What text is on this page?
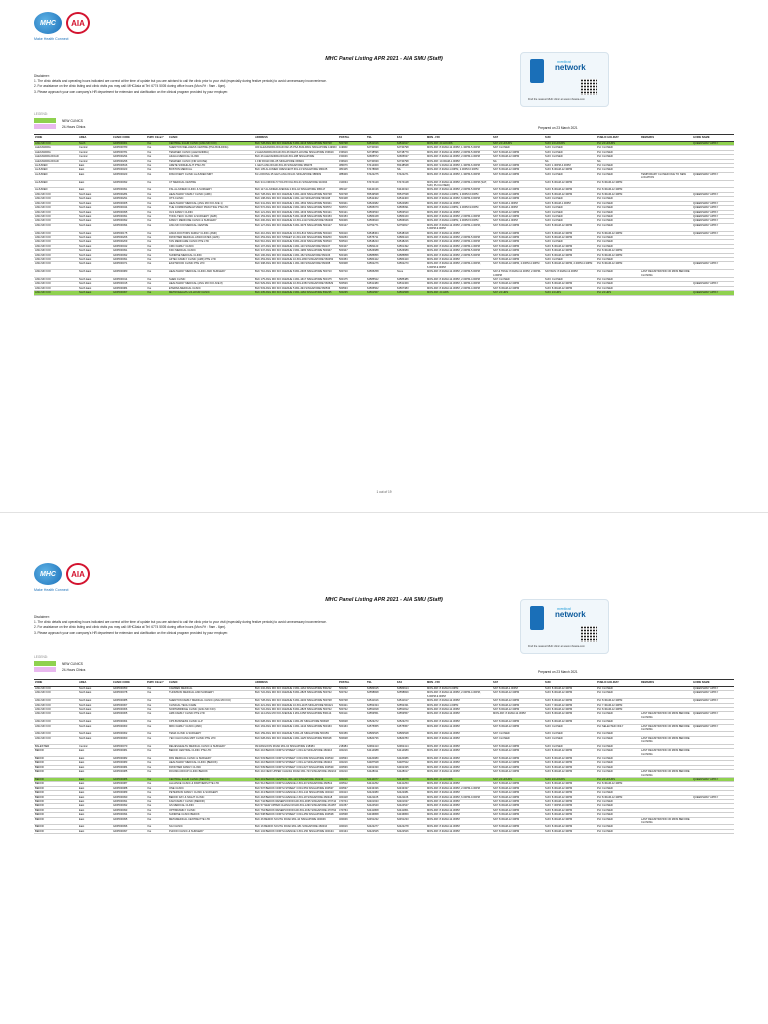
MHC	AIA
Make Health Connect
MHC Panel Listing APR 2021 - AIA SMU (Staff)
Disclaimer:
1. The clinic details and operating hours indicated are correct at the time of update but you are advised to call the clinic prior to your visit (especially during festive periods) to avoid unnecessary inconvenience.
2. For assistance on the clinic listing and clinic visits you may call: MHCAsia at Tel: 6774 5005 during office hours (Mon-Fri : 9am - 6pm).
3. Please approach your own company's HR department for extension and clarification on the clinical program provided by your employer.
medical
network
Find the nearest MHC clinic at www.mhcasia.com
LEGEND:
NEW CLINICS
24-Hours Clinics	Prepared on 23 March 2021
ZONE	AREA	CLINIC CODE	PHPC Clinic?	CLINIC	ADDRESS	POSTAL	TEL	FAX	MON - FRI	SAT	SUN	PUBLIC HOLIDAY	REMARKS	GUIDE NAME
ANG MO KIO	North	GDP000001	Yes	CENTRAL 24-HR CLINIC (ANG MO KIO)	BLK 728 ANG MO KIO AVENUE 6 #01-4216 SINGAPORE 560728	560728	64541616	64541617	MON-FRI: 24 HOURS	SAT: 24 HOURS	SUN: 24 HOURS	PH: 24 HOURS		QUEENSWAY APPLY
ALEXANDRA	Central	GDP000780	Yes	SHENTON WELLNESS CENTRE (PSA BUILDING)	460 ALEXANDRA ROAD #02-15 PSA BUILDING SINGAPORE 119963	119963	62730639	62730798	MON-FRI: 8.00AM-12.30PM, 1.30PM-5.30PM	SAT: CLOSED	SUN: CLOSED	PH: CLOSED		
ALEXANDRA	Central	GDP000781	Yes	TEMASEK CLINIC (ALEXANDRA)	2 ALEXANDRA ROAD #01-06 DELTA HOUSE SINGAPORE 159919	159919	62748596	62748779	MON-FRI: 8.30AM-12.30PM, 2.00PM-5.30PM	SAT: 8.30AM-12.30PM	SUN: CLOSED	PH: CLOSED		
ALEXANDRA ROAD	Central	GDP000294	Yes	AZALIA MEDICAL CLINIC	BLK 46 ALEXANDRA ROAD #01-188 SINGAPORE	150046	62665572	62665637	MON-FRI: 8.30AM-12.30PM, 2.00PM-4.30PM	SAT: 8.30AM-12.30PM	SUN: CLOSED	PH: CLOSED		
ALEXANDRA ROAD	Central	GDP000296	Yes	TEMASEK CLINIC (FIR HOUSE)	1 FIR ROAD #01-05 SINGAPORE 159919	159919	62730639	62730798	MON-FRI: 10.00AM-1.00PM	NA	NA	NA		
ALJUNIED	East	GDP000816	Yes	ARETE SIDDHILALIT PTE LTD	1 GEYLANG ROAD #01-06 SINGAPORE 389076	389076	67414009	65448548	MON-FRI: 9.00AM-12.30PM, 1.30PM-6.30PM	SAT: 9.00AM-12.30PM	SUN: 1.30PM-4.30PM	PH: CLOSED		
ALJUNIED	East	GDP000023	Yes	BOSTON MEDICAL	BLK 105 ALJUNIED CRESCENT #01-13 SINGAPORE 380105	380105	67478828	NIL	MON-FRI: 8.30AM-1.00PM, 2.00PM-6.30PM	SAT: 8.30AM-12.30PM	SUN: 8.30AM-12.30PM	PH: CLOSED		
ALJUNIED	East	GDP000023	Yes	DISCOVERY CLINIC ALJUNIED MRT	81 LORONG 25 GEYLANG #01-01 SINGAPORE 388309	388309	67422275	67422271	MON-FRI: 8.30AM-12.30PM, 1.30PM-6.30PM	SAT: 8.30AM-12.30PM	SUN: CLOSED	PH: CLOSED	TEMPORARY CLOSED DUE TO NEW LOCATION	QUEENSWAY APPLY
ALJUNIED	East	GDP000092	Yes	CT MEDICAL CENTRE	BLK 34 LORONG 5 TOA PAYOH #01-01 SINGAPORE 310034	310034	67474129	67474128	MON-FRI: 8.30AM-12.30PM, 2.00PM-4.30PM (SAT, SUN, PH CLOSED)	SAT: 8.30AM-12.30PM	SUN: 8.30AM-12.30PM	PH: 8.30AM-12.30PM		
ALJUNIED	East	GDP000091	Yes	FSL ALJUNIED CLINIC & SURGERY	BLK 117 ALJUNIED AVENUE 2 #01-42 SINGAPORE 380117	380117	63440136	63440193	MON-FRI: 8.30AM-12.30PM, 2.00PM-5.00PM	SAT: 8.30AM-12.30PM	SUN: 8.30AM-12.30PM	PH: 8.30AM-12.30PM		
ANG MO KIO	North East	GDP000284	Yes	HEALTHWAY FAMILY CLINIC (AMK)	BLK 728 ANG MO KIO AVENUE 6 #01-4200 SINGAPORE 560728	560728	65549538	65547538	MON-FRI: 8.00AM-1.00PM, 2.00PM-6.00PM	SAT: 8.30AM-12.30PM	SUN: 8.30AM-12.30PM	PH: 8.30AM-12.30PM		QUEENSWAY APPLY
ANG MO KIO	North East	GDP000291	Yes	OTS CLINIC	BLK 108 ANG MO KIO AVENUE 4 #01-113 SINGAPORE 560108	560108	64542402	64542400	MON-FRI: 8.30AM-12.30PM, 6.00PM-9.00PM	SAT: 8.30AM-12.30PM	SUN: CLOSED	PH: CLOSED		
ANG MO KIO	North East	GDP000005	Yes	HEALTHWAY MEDICAL (ANG MO KIO AVE 1)	BLK 341 ANG MO KIO AVENUE 1 #01-1592 SINGAPORE 560341	560341	64524682	64524680	MON-FRI: 8.00AM-12.30PM	SAT: 8.30AM-1.00PM	SUN: 8.30AM-1.00PM	PH: CLOSED		QUEENSWAY APPLY
ANG MO KIO	North East	GDP000044	Yes	THE COMMONWEALTHWAY PRACTICE PTE LTD	BLK 572 ANG MO KIO AVENUE 3 #01-3361 SINGAPORE 560572	560572	64565079	64565091	MON-FRI: 8.30AM-1.00PM, 2.00PM-9.00PM	SAT: 8.30AM-1.00PM	SUN: CLOSED	PH: CLOSED		QUEENSWAY APPLY
ANG MO KIO	North East	GDP000095	Yes	OLS FAMILY CLINIC	BLK 121 ANG MO KIO AVENUE 3 #01-1633 SINGAPORE 560121	560121	64563533	64563510	MON-FRI: 8.30AM-12.30PM	SAT: 8.30AM-12.30PM	SUN: CLOSED	PH: CLOSED		QUEENSWAY APPLY
ANG MO KIO	North East	GDP000091	Yes	TONG TECK CLINIC & SURGERY (AMK)	BLK 153 ANG MO KIO AVENUE 5 #01-3048 SINGAPORE 560153	560153	64584168	64584160	MON-FRI: 8.30AM-12.30PM, 2.00PM-4.30PM	SAT: 8.30AM-12.30PM	SUN: CLOSED	PH: CLOSED		QUEENSWAY APPLY
ANG MO KIO	North East	GDP000092	Yes	FAMILY MEDICINE CLINIC & SURGERY	BLK 406 ANG MO KIO AVENUE 10 #01-1413 SINGAPORE 560406	560406	64566620	64566626	MON-FRI: 8.00AM-1.00PM, 2.00PM-5.00PM	SAT: 8.00AM-1.00PM	SUN: CLOSED	PH: CLOSED		QUEENSWAY APPLY
ANG MO KIO	North East	GDP000094	Yes	ANG MO KIO MEDICAL CENTRE	BLK 127 ANG MO KIO AVENUE 6 #01-3076 SINGAPORE 560127	560127	62752771	62752817	MON-FRI: 8.00AM-12.30PM, 2.00PM-4.30PM, 6.00PM-9.00PM	SAT: 8.00AM-12.30PM	SUN: 8.30AM-12.30PM	PH: CLOSED		QUEENSWAY APPLY
ANG MO KIO	North East	GDP000175	Yes	ANGS DOCTORS FAMILY CLINIC (AMK)	BLK 410 ANG MO KIO AVENUE 10 #01-810 SINGAPORE 560410	560410	64548364	64548318	MON-FRI: 8.30AM-12.30PM	SAT: 8.30AM-12.30PM	SUN: 8.30AM-12.30PM	PH: 8.30AM-12.30PM		QUEENSWAY APPLY
ANG MO KIO	North East	GDP000266	Yes	FRONTIER MEDICAL ASSOCIATES (AMK)	BLK 253 ANG MO KIO STREET 21 #01-330 SINGAPORE 560253	560253	64575711	64584419	MON-FRI: 8.30AM-12.30PM, 2.00PM-5.00PM	SAT: 8.30AM-12.30PM	SUN: 8.30AM-12.30PM	PH: CLOSED		
ANG MO KIO	North East	GDP000269	Yes	TAN MEDICARE CLINIC PTE LTD	BLK 510 ANG MO KIO AVENUE 8 #01-2040 SINGAPORE 560510	560510	64548223	64548226	MON-FRI: 8.30AM-12.30PM, 2.00PM-4.30PM	SAT: 8.30AM-12.30PM	SUN: CLOSED	PH: CLOSED		
ANG MO KIO	North East	GDP000042	Yes	CMC FAMILY CLINIC	BLK 107 ANG MO KIO AVENUE 4 #01-120 SINGAPORE 560107	560107	64581123	64561492	MON-FRI: 8.00AM-12.30PM, 2.00PM-4.30PM	SAT: 8.30AM-12.30PM	SUN: 8.30AM-12.30PM	PH: CLOSED		
ANG MO KIO	North East	GDP000091	Yes	KDC MEDICAL CLINIC	BLK 347 ANG MO KIO AVENUE 3 #01-1980 SINGAPORE 560347	560347	64526688	64526689	MON-FRI: 8.00AM-12.30PM, 2.00PM-5.00PM	SAT: 8.30AM-12.30PM	SUN: 8.30AM-12.30PM	PH: 8.30AM-12.30PM		
ANG MO KIO	North East	GDP000092	Yes	SUNRISE MEDICAL CLINIC	BLK 106 ANG MO KIO AVENUE 4 #01-152 SINGAPORE 560106	560106	64585856	64585858	MON-FRI: 8.30AM-12.30PM, 2.00PM-5.00PM	SAT: 8.30AM-12.30PM	SUN: 8.30AM-12.30PM	PH: 8.30AM-12.30PM		
ANG MO KIO	North East	GDP000091	Yes	AZTEC FAMILY CLINIC (AMK) PTE LTD	BLK 453 ANG MO KIO AVENUE 10 #01-1803 SINGAPORE 560453	560453	64584422	64584420	MON-FRI: 8.30AM-12.30PM	SAT: 8.30AM-12.30PM	SUN: CLOSED	PH: CLOSED		
ANG MO KIO	North East	GDP000071	Yes	EASTWOOD CLINIC PTE LTD	BLK 308 ANG MO KIO AVENUE 1 #01-330 SINGAPORE 560308	560308	64562276	64562270	MON-FRI: 8.30AM-12.30PM, 2.00PM-4.30PM, 6.00PM-9.00PM	SAT: 8.30AM-12.30PM, 2.00PM-4.30PM	SUN: 8.30AM-12.30PM, 2.00PM-4.30PM	PH: 8.30AM-12.30PM		QUEENSWAY APPLY
ANG MO KIO	North East	GDP000080	Yes	HEALTHWAY MEDICAL CLINIC AND SURGERY	BLK 710 ANG MO KIO AVENUE 8 #01-2605 SINGAPORE 560710	560710	64565258	None	MON-FRI: 8.00AM-12.30PM, 2.00PM-5.00PM	SAT & TRUE: 8.00AM-12.30PM, 2.00PM-4.00PM	SAT/SUN: 8.30AM-12.30PM	PH: CLOSED	LAST REGISTRATION 30 MINS BEFORE CLOSING	
ANG MO KIO	North East	GDP000014	Yes	SHEN CLINIC	BLK 175 ANG MO KIO AVENUE 4 #01-1617 SINGAPORE 560175	560175	64585522	64585486	MON-FRI: 8.30AM-12.30PM, 2.00PM-4.00PM	SAT: CLOSED	SUN: CLOSED	PH: CLOSED		
ANG MO KIO	North East	GDP000015	Yes	HEALTHWAY MEDICAL (ANG MO KIO AVE 8)	BLK 529 ANG MO KIO AVENUE 10 #01-2353 SINGAPORE 560529	560529	64531380	64531369	MON-FRI: 8.00AM-12.30PM, 1.30PM-4.30PM	SAT: 8.30AM-12.30PM	SUN: 8.30AM-12.30PM	PH: CLOSED		QUEENSWAY APPLY
ANG MO KIO	North East	GDP000084	Yes	ETERNA MEDICAL CLINIC	BLK 533 ANG MO KIO AVENUE 5 #01-494 SINGAPORE 560533	560533	64565562	64567383	MON-FRI: 8.30AM-12.30PM, 2.00PM-4.30PM	SAT: 8.30AM-12.30PM	SUN: 8.30AM-12.30PM	PH: CLOSED		
ANG MO KIO	North East	GDP000067	Yes	METROHEALTH 24-HOUR CLINIC	BLK 235 ANG MO KIO AVENUE 3 #01-1184 SINGAPORE 560235	560235	64561567	64561568	MON-FRI: 24 HRS	SAT: 24 HRS	SUN: 24 HRS	PH: 24 HRS		QUEENSWAY APPLY
1 out of 19
MHC	AIA
Make Health Connect
MHC Panel Listing APR 2021 - AIA SMU (Staff)
Disclaimer:
1. The clinic details and operating hours indicated are correct at the time of update but you are advised to call the clinic prior to your visit (especially during festive periods) to avoid unnecessary inconvenience.
2. For assistance on the clinic listing and clinic visits you may call: MHCAsia at Tel: 6774 5005 during office hours (Mon-Fri : 9am - 6pm).
3. Please approach your own company's HR department for extension and clarification on the clinical program provided by your employer.
medical
network
Find the nearest MHC clinic at www.mhcasia.com
LEGEND:
NEW CLINICS
24-Hours Clinics
Prepared on 23 March 2021
ZONE	AREA	CLINIC CODE	PHPC Clinic?	CLINIC	ADDRESS	POSTAL	TEL	FAX	MON - FRI	SAT	SUN	PUBLIC HOLIDAY	REMARKS	GUIDE NAME
ANG MO KIO	North East	GDP000050	Yes	CAMDEN MEDICAL	BLK 232 ANG MO KIO AVENUE 3 #01-1164 SINGAPORE 560232	560232	64584615	64584614	MON-FRI: 8.30AM-5.00PM	SAT: 8.30AM-1.00PM	SUN: 8.30AM-12.30PM	PH: CLOSED		QUEENSWAY APPLY
ANG MO KIO	North East	GDP000078	Yes	THOMSON MEDICAL AND SURGERY	BLK 722 ANG MO KIO AVENUE 8 #01-2825 SINGAPORE 560722	560722	62558828	62558829	MON-FRI: 8.30AM-12.30PM, 2.00PM-4.30PM, 6.00PM-9.00PM	SAT: 8.30AM-12.30PM	SUN: 8.30AM-12.30PM	PH: CLOSED		QUEENSWAY APPLY
ANG MO KIO	North East	GDP000085	Yes	SHENTON FAMILY MEDICAL CLINIC (ANG MO KIO)	BLK 728 ANG MO KIO AVENUE 6 #01-4200 SINGAPORE 560728	560728	64541616	64541617	MON-FRI: 8.00AM-12.30PM	SAT: 8.30AM-12.30PM	SUN: 8.30AM-12.30PM	PH: 8.30AM-12.30PM		QUEENSWAY APPLY
ANG MO KIO	North East	GDP000067	Yes	CLINICAL TECH CARE	BLK 421 ANG MO KIO AVENUE 10 #01-1165 SINGAPORE 560421	560421	62552334	62552331	MON-FRI: 8.30AM-1.00PM	SAT: 8.30AM-12.30PM	SUN: 7.30AM-12.30PM	PH: 7.30AM-12.30PM		
ANG MO KIO	North East	GDP000066	Yes	NORTHBRIDGE CLINIC (ANG MO KIO)	BLK 722 ANG MO KIO AVENUE 8 #01-2825 SINGAPORE 560722	560722	64551818	64551812	MON-FRI: 8.00AM-12.30PM	SAT: 8.00AM-12.30PM	SUN: 8.30AM-12.30PM	PH: 8.30AM-12.30PM		
ANG MO KIO	North East	GDP000065	Yes	AMK FAMILY CLINIC PTE LTD	BLK 114 ANG MO KIO AVENUE 4 #01-1058 SINGAPORE 560114	560114	64553551	64553557	MON-FRI: 8.30AM-12.30PM	MON-FRI: 8.30AM-12.30PM	SUN: 8.30AM-12.30PM	PH: CLOSED	LAST REGISTRATION 30 MINS BEFORE CLOSING	QUEENSWAY APPLY
ANG MO KIO	North East	GDP000064	Yes	CPS BUSINESS CLINIC LLP	BLK 628 ANG MO KIO AVENUE 4 #01-80 SINGAPORE 560628	560628	62523272	62523270	MON-FRI: 8.30AM-12.30PM	SAT: 8.30AM-12.30PM	SUN: 8.30AM-12.30PM	PH: CLOSED		
ANG MO KIO	North East	GDP000063	Yes	MRC FAMILY CLINIC (AMK)	BLK 163 ANG MO KIO AVENUE 4 #01-1244 SINGAPORE 560163	560163	64575955	64575957	MON-FRI: 8.30AM-12.30PM	SAT: 8.30AM-12.30PM	SUN: CLOSED	PH: SELECTED ONLY	LAST REGISTRATION 30 MINS BEFORE CLOSING	QUEENSWAY APPLY
ANG MO KIO	North East	GDP000062	Yes	TEMA CLINIC & SURGERY	BLK 159 ANG MO KIO AVENUE 5 #01-26 SINGAPORE 560159	560159	64582525	64582528	MON-FRI: 8.30AM-12.30PM	SAT: CLOSED	SUN: CLOSED	PH: CLOSED		
ANG MO KIO	North East	GDP000060	Yes	YEO CHU KANG MRT CLINIC PTE LTD	BLK 628 ANG MO KIO AVENUE 4 #01-1125 SINGAPORE 560628	560628	62820736	62820783	MON-FRI: 8.30AM-12.30PM	SAT: CLOSED	SUN: CLOSED	PH: CLOSED	LAST REGISTRATION 30 MINS BEFORE CLOSING	
BALESTIER	Central	GDP000070	Yes	RELIEVHEALTH MEDICAL CLINIC & SURGERY	99 RANGOON ROAD #01-04 SINGAPORE 218384	218384	62962413	62962414	MON-FRI: 8.30AM-12.30PM	SAT: 8.30AM-12.30PM	SUN: CLOSED	PH: CLOSED		
BEDOK	East	GDP000081	Yes	BEDOK CENTRAL CLINIC PTE LTD	BLK 216 BEDOK NORTH STREET 1 #01-32 SINGAPORE 460216	460216	64414688	64414689	MON-FRI: 8.30AM-12.30PM	SAT: 8.30AM-12.30PM	SUN: 8.30AM-12.30PM	PH: CLOSED	LAST REGISTRATION 30 MINS BEFORE CLOSING	
BEDOK	East	GDP000082	Yes	PAN MEDICAL CLINIC & SURGERY	BLK 533 BEDOK NORTH STREET 3 #01-599 SINGAPORE 460533	460533	64420080	64420086	MON-FRI: 8.30AM-12.30PM	SAT: 8.30AM-12.30PM	SUN: 8.30AM-12.30PM	PH: CLOSED		
BEDOK	East	GDP000083	Yes	HEALTHWAY MEDICAL CLINIC (BEDOK)	BLK 216 BEDOK NORTH STREET 1 #01-12 SINGAPORE 460216	460216	64487528	64487522	MON-FRI: 8.30AM-12.30PM	SAT: 8.30AM-12.30PM	SUN: 8.30AM-12.30PM	PH: CLOSED		
BEDOK	East	GDP000084	Yes	FRONTIER FAMILY CLINIC	BLK 539 BEDOK NORTH STREET 3 #01-627 SINGAPORE 460539	460539	64462330	64462335	MON-FRI: 8.30AM-12.30PM	SAT: 8.30AM-12.30PM	SUN: 8.30AM-12.30PM	PH: CLOSED		
BEDOK	East	GDP000085	Yes	ROUND-CROUP CLINIC BEDOK	BLK 210 NEW UPPER CHANGI ROAD #01-723 SINGAPORE 460210	460210	64428011	64428017	MON-FRI: 8.30AM-12.30PM	SAT: 8.30AM-12.30PM	SUN: 8.30AM-12.30PM	PH: CLOSED	LAST REGISTRATION 30 MINS BEFORE CLOSING	
BEDOK	East	GDP000086	Yes	CENTRAL 24-HR CLINIC (BEDOK)	BLK 219 BEDOK CENTRAL #01-124 SINGAPORE 460219	460219	62410077	62410078	MON-FRI: 24 HOURS	SAT: 24 HOURS	SUN: 24 HOURS	PH: 24 HOURS		QUEENSWAY APPLY
BEDOK	East	GDP000087	Yes	ALLIANCE CLINIC & PARTNERS PTE LTD	BLK 512 BEDOK NORTH AVENUE 2 #01-20 SINGAPORE 460512	460512	64441252	64441253	MON-FRI: 8.30AM-12.30PM	SAT: 8.30AM-12.30PM	SUN: 8.30AM-12.30PM	PH: 8.30AM-12.30PM		
BEDOK	East	GDP000088	Yes	ONE CLINIC	BLK 537 BEDOK NORTH STREET 3 #01-553 SINGAPORE 460537	460537	62433336	62433337	MON-FRI: 8.30AM-12.30PM, 2.00PM-4.30PM	SAT: 8.30AM-12.30PM	SUN: 8.30AM-12.30PM	PH: CLOSED		
BEDOK	East	GDP000089	Yes	PETERSON FAMILY CLINIC & SURGERY	BLK 413 BEDOK NORTH AVENUE 2 #01-144 SINGAPORE 460413	460413	62422080	62422081	MON-FRI: 8.30AM-12.30PM	SAT: 8.30AM-12.30PM	SUN: 8.30AM-12.30PM	PH: CLOSED		
BEDOK	East	GDP000090	Yes	BEDOK DAY & NIGHT CLINIC	BLK 418 BEDOK NORTH AVENUE 2 #01-18 SINGAPORE 460418	460418	64421105	64421106	MON-FRI: 8.30AM-12.30PM, 6.00PM-9.00PM	SAT: 8.30AM-12.30PM	SUN: 8.30AM-12.30PM	PH: 8.30AM-12.30PM		QUEENSWAY APPLY
BEDOK	East	GDP000091	Yes	KAM FAMILY CLINIC (BEDOK)	BLK 744 BEDOK RESERVOIR ROAD #01-3035 SINGAPORE 470744	470744	62401633	62401637	MON-FRI: 8.30AM-12.30PM	SAT: 8.30AM-12.30PM	SUN: 8.30AM-12.30PM	PH: CLOSED		
BEDOK	East	GDP000092	Yes	GS MEDICAL CLINIC	BLK 57 NEW UPPER CHANGI ROAD #01-1290 SINGAPORE 461057	461057	62424540	62424547	MON-FRI: 8.30AM-12.30PM	SAT: 8.30AM-12.30PM	SUN: 7.30PM-10.00PM	PH: CLOSED		
BEDOK	East	GDP000093	Yes	OPTIMFAMILY CLINIC	BLK 764 BEDOK RESERVOIR ROAD #01-3152 SINGAPORE 470764	470764	62441808	62441801	MON-FRI: 8.30AM-12.30PM	SAT: 8.30AM-12.30PM	SUN: 8.30AM-12.30PM	PH: CLOSED		
BEDOK	East	GDP000094	Yes	SUNRISE CLINIC BEDOK	BLK 538 BEDOK NORTH STREET 3 #01-459 SINGAPORE 460538	460538	64436868	64436869	MON-FRI: 8.30AM-12.30PM	SAT: 8.30AM-12.30PM	SUN: 8.30AM-12.30PM	PH: CLOSED		
BEDOK	East	GDP000095	Yes	METAMEDICAL CENTRE PTE LTD	BLK 46 BEDOK SOUTH ROAD #01-44 SINGAPORE 460046	460046	62451232	62451233	MON-FRI: 8.30AM-12.30PM	SAT: 8.30AM-12.30PM	SUN: 8.30AM-12.30PM	PH: CLOSED	LAST REGISTRATION 30 MINS BEFORE CLOSING	
BEDOK	East	GDP000096	Yes	SGI CLINIC	BLK 16 BEDOK SOUTH ROAD #01-181 SINGAPORE 460016	460016	62422277	62422278	MON-FRI: 8.30AM-12.30PM	SAT: 8.30AM-12.30PM	SUN: 8.30AM-12.30PM	PH: CLOSED		
BEDOK	East	GDP000097	Yes	PHOON CLINIC & SURGERY	BLK 134 BEDOK NORTH AVENUE 3 #01-150 SINGAPORE 460134	460134	62422525	62422526	MON-FRI: 8.30AM-12.30PM	SAT: 8.30AM-12.30PM	SUN: 8.30AM-12.30PM	PH: CLOSED		
